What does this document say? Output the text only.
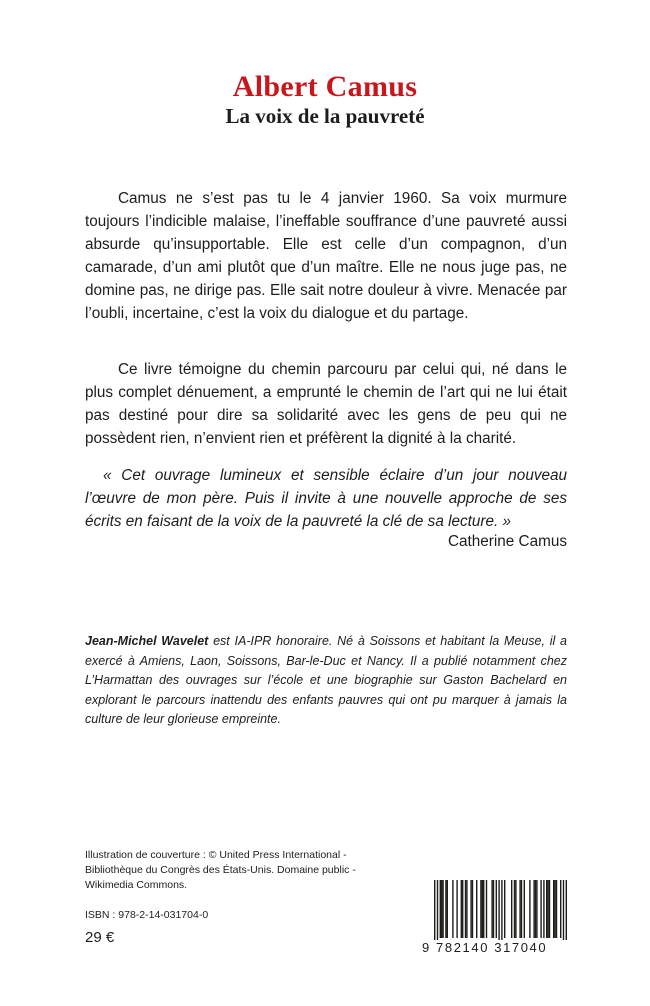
Albert Camus
La voix de la pauvreté

Camus ne s’est pas tu le 4 janvier 1960. Sa voix murmure toujours l’indicible malaise, l’ineffable souffrance d’une pauvreté aussi absurde qu’insupportable. Elle est celle d’un compagnon, d’un camarade, d’un ami plutôt que d’un maître. Elle ne nous juge pas, ne domine pas, ne dirige pas. Elle sait notre douleur à vivre. Menacée par l’oubli, incertaine, c’est la voix du dialogue et du partage.

Ce livre témoigne du chemin parcouru par celui qui, né dans le plus complet dénuement, a emprunté le chemin de l’art qui ne lui était pas destiné pour dire sa solidarité avec les gens de peu qui ne possèdent rien, n’envient rien et préfèrent la dignité à la charité.

« Cet ouvrage lumineux et sensible éclaire d’un jour nouveau l’œuvre de mon père. Puis il invite à une nouvelle approche de ses écrits en faisant de la voix de la pauvreté la clé de sa lecture. »

Catherine Camus

Jean-Michel Wavelet est IA-IPR honoraire. Né à Soissons et habitant la Meuse, il a exercé à Amiens, Laon, Soissons, Bar-le-Duc et Nancy. Il a publié notamment chez L’Harmattan des ouvrages sur l’école et une biographie sur Gaston Bachelard en explorant le parcours inattendu des enfants pauvres qui ont pu marquer à jamais la culture de leur glorieuse empreinte.

Illustration de couverture : © United Press International - Bibliothèque du Congrès des États-Unis. Domaine public - Wikimedia Commons.

ISBN : 978-2-14-031704-0
29 €
9 782140 317040
